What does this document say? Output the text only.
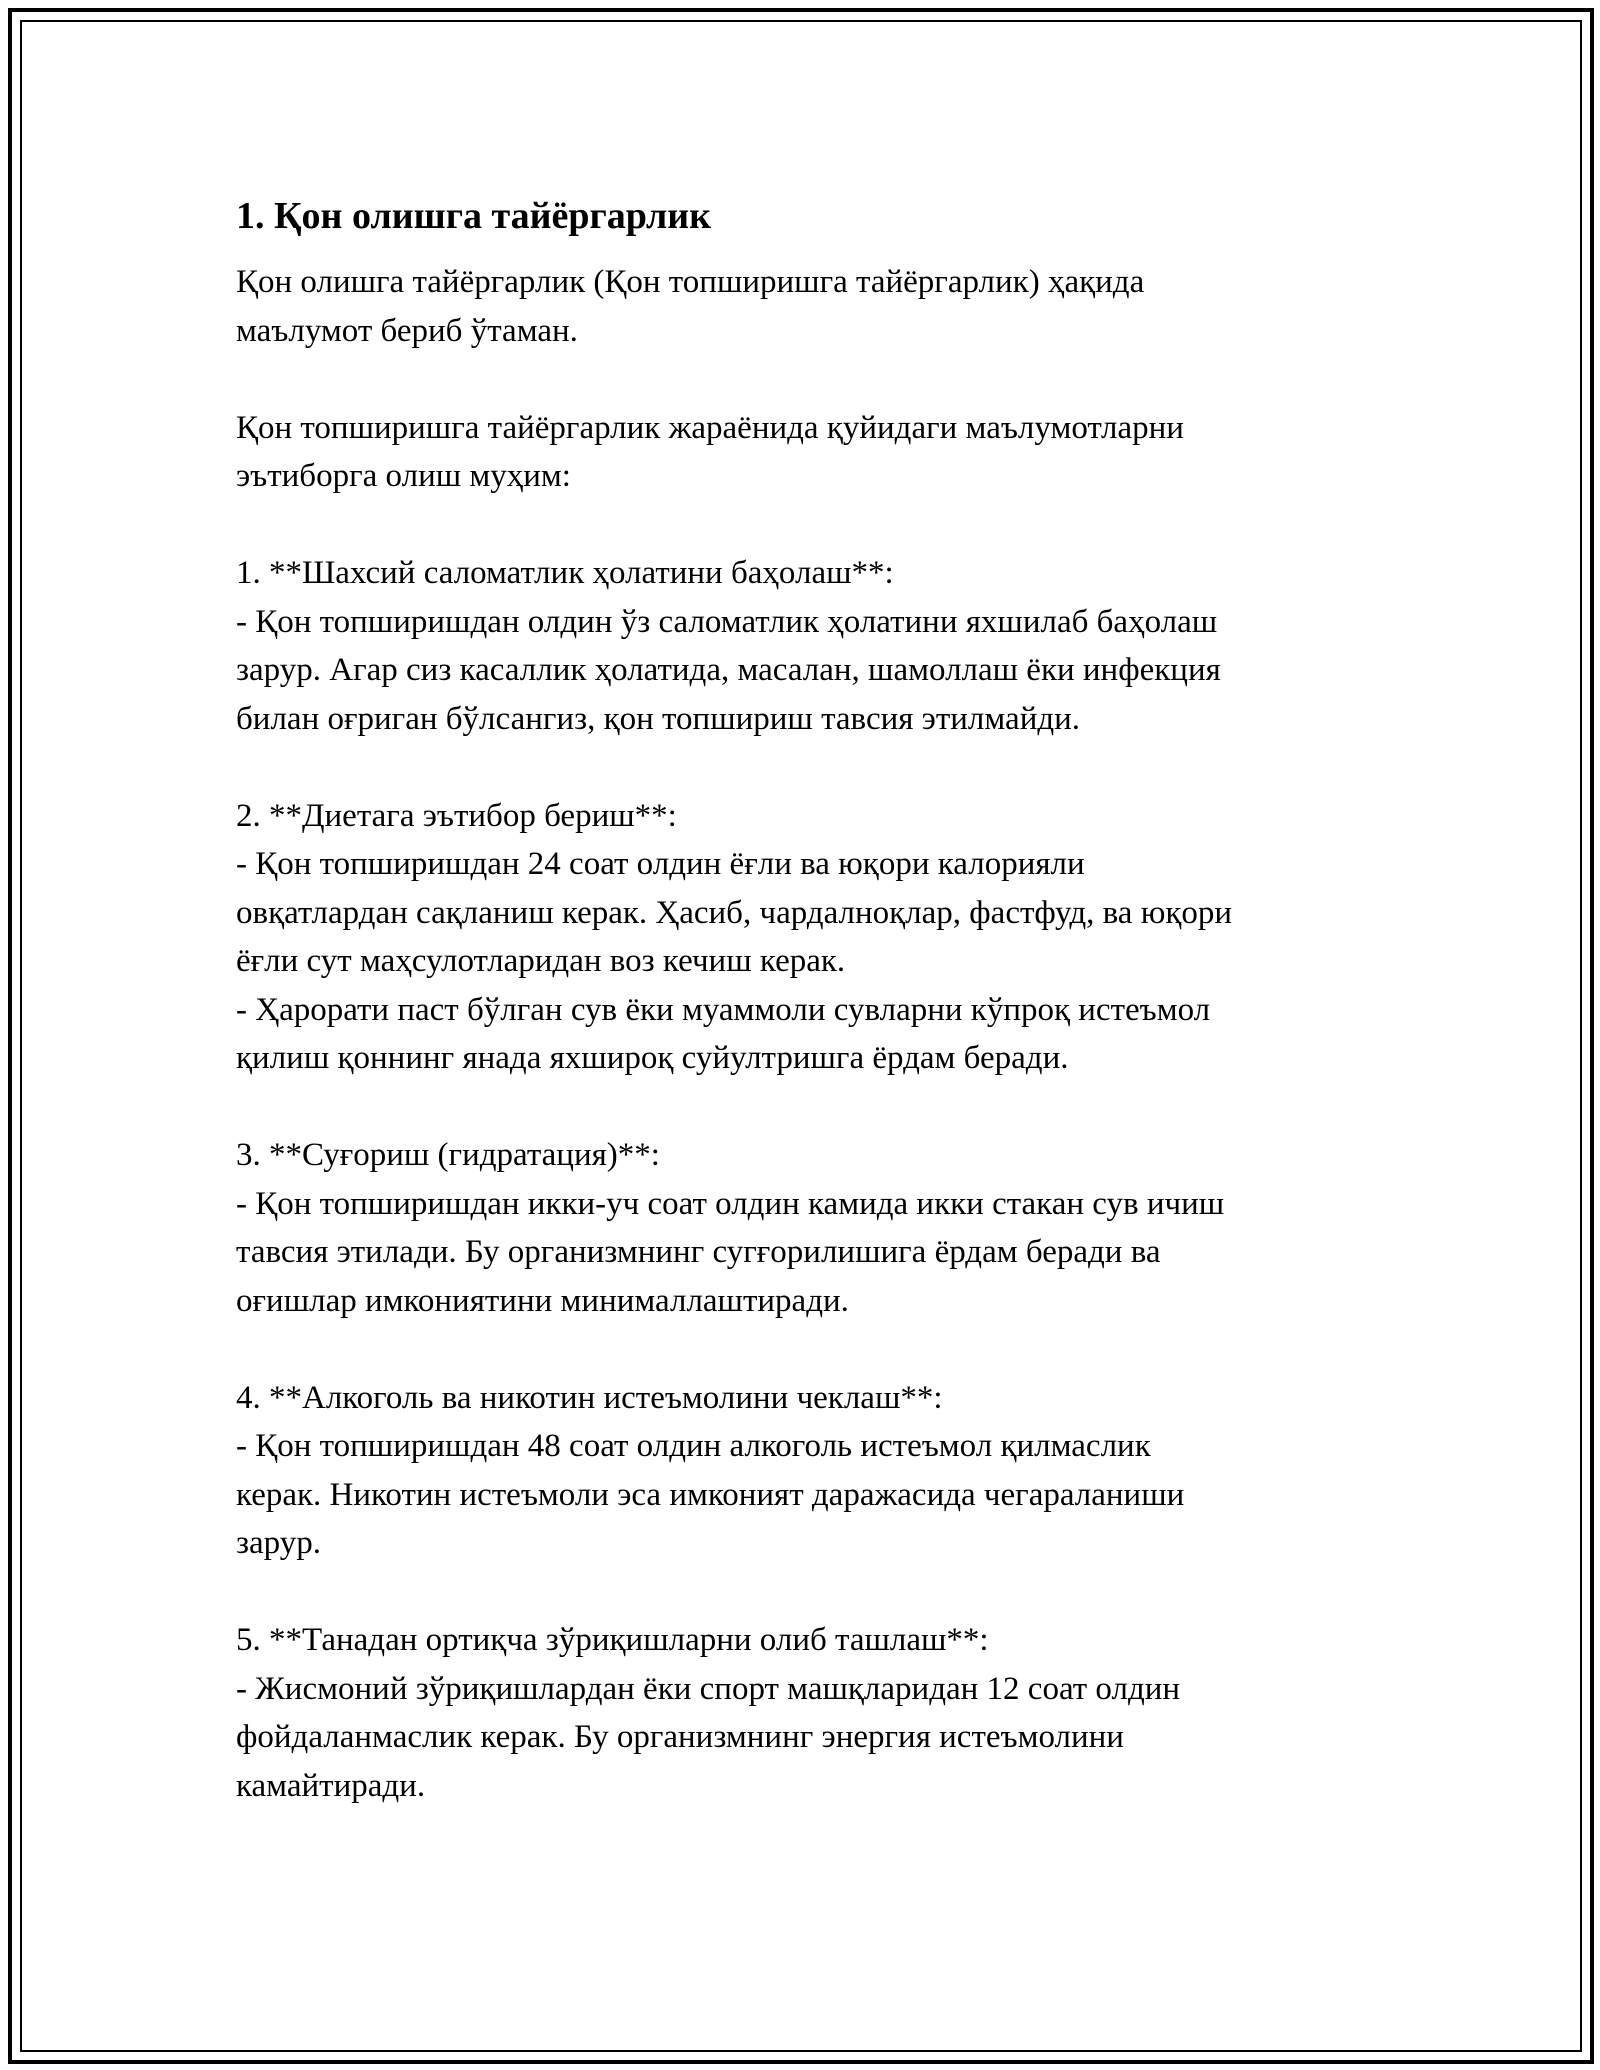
1. Қон олишга тайёргарлик

Қон олишга тайёргарлик (Қон топширишга тайёргарлик) ҳақида
маълумот бериб ўтаман.

Қон топширишга тайёргарлик жараёнида қуйидаги маълумотларни
эътиборга олиш муҳим:

1. **Шахсий саломатлик ҳолатини баҳолаш**:
- Қон топширишдан олдин ўз саломатлик ҳолатини яхшилаб баҳолаш
зарур. Агар сиз касаллик ҳолатида, масалан, шамоллаш ёки инфекция
билан оғриган бўлсангиз, қон топшириш тавсия этилмайди.

2. **Диетага эътибор бериш**:
- Қон топширишдан 24 соат олдин ёғли ва юқори калорияли
овқатлардан сақланиш керак. Ҳасиб, чардалноқлар, фастфуд, ва юқори
ёғли сут маҳсулотларидан воз кечиш керак.
- Ҳарорати паст бўлган сув ёки муаммоли сувларни кўпроқ истеъмол
қилиш қоннинг янада яхшироқ суйултришга ёрдам беради.

3. **Суғориш (гидратация)**:
- Қон топширишдан икки-уч соат олдин камида икки стакан сув ичиш
тавсия этилади. Бу организмнинг сугғорилишига ёрдам беради ва
оғишлар имкониятини минималлаштиради.

4. **Алкоголь ва никотин истеъмолини чеклаш**:
- Қон топширишдан 48 соат олдин алкоголь истеъмол қилмаслик
керак. Никотин истеъмоли эса имконият даражасида чегараланиши
зарур.

5. **Танадан ортиқча зўриқишларни олиб ташлаш**:
- Жисмоний зўриқишлардан ёки спорт машқларидан 12 соат олдин
фойдаланмаслик керак. Бу организмнинг энергия истеъмолини
камайтиради.
